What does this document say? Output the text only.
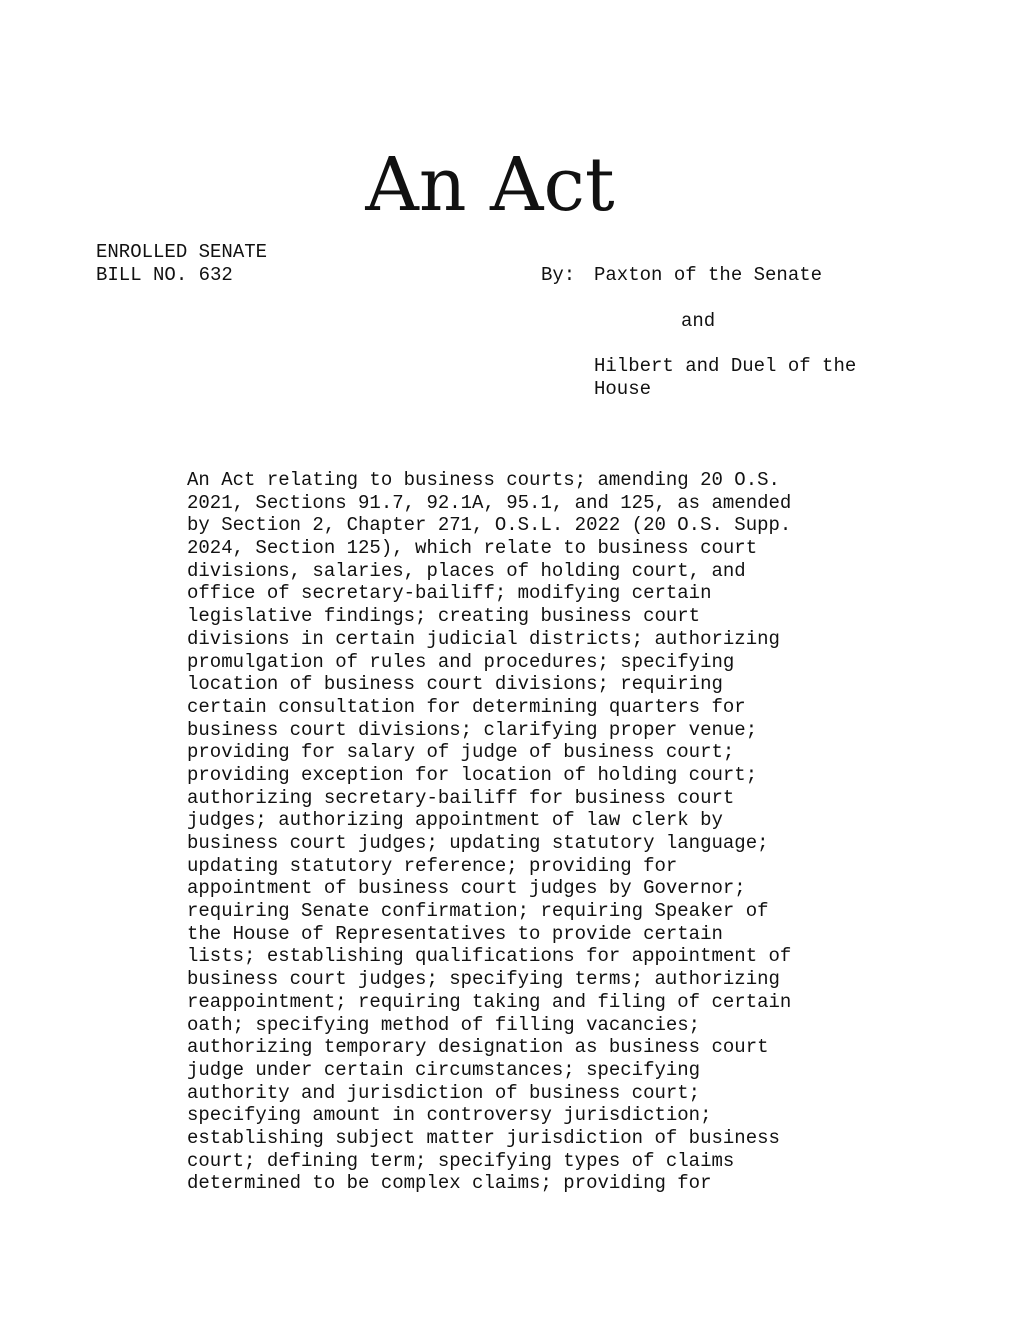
An Act
ENROLLED SENATE
BILL NO. 632	By: Paxton of the Senate
and
Hilbert and Duel of the
House
An Act relating to business courts; amending 20 O.S.
2021, Sections 91.7, 92.1A, 95.1, and 125, as amended
by Section 2, Chapter 271, O.S.L. 2022 (20 O.S. Supp.
2024, Section 125), which relate to business court
divisions, salaries, places of holding court, and
office of secretary-bailiff; modifying certain
legislative findings; creating business court
divisions in certain judicial districts; authorizing
promulgation of rules and procedures; specifying
location of business court divisions; requiring
certain consultation for determining quarters for
business court divisions; clarifying proper venue;
providing for salary of judge of business court;
providing exception for location of holding court;
authorizing secretary-bailiff for business court
judges; authorizing appointment of law clerk by
business court judges; updating statutory language;
updating statutory reference; providing for
appointment of business court judges by Governor;
requiring Senate confirmation; requiring Speaker of
the House of Representatives to provide certain
lists; establishing qualifications for appointment of
business court judges; specifying terms; authorizing
reappointment; requiring taking and filing of certain
oath; specifying method of filling vacancies;
authorizing temporary designation as business court
judge under certain circumstances; specifying
authority and jurisdiction of business court;
specifying amount in controversy jurisdiction;
establishing subject matter jurisdiction of business
court; defining term; specifying types of claims
determined to be complex claims; providing for
